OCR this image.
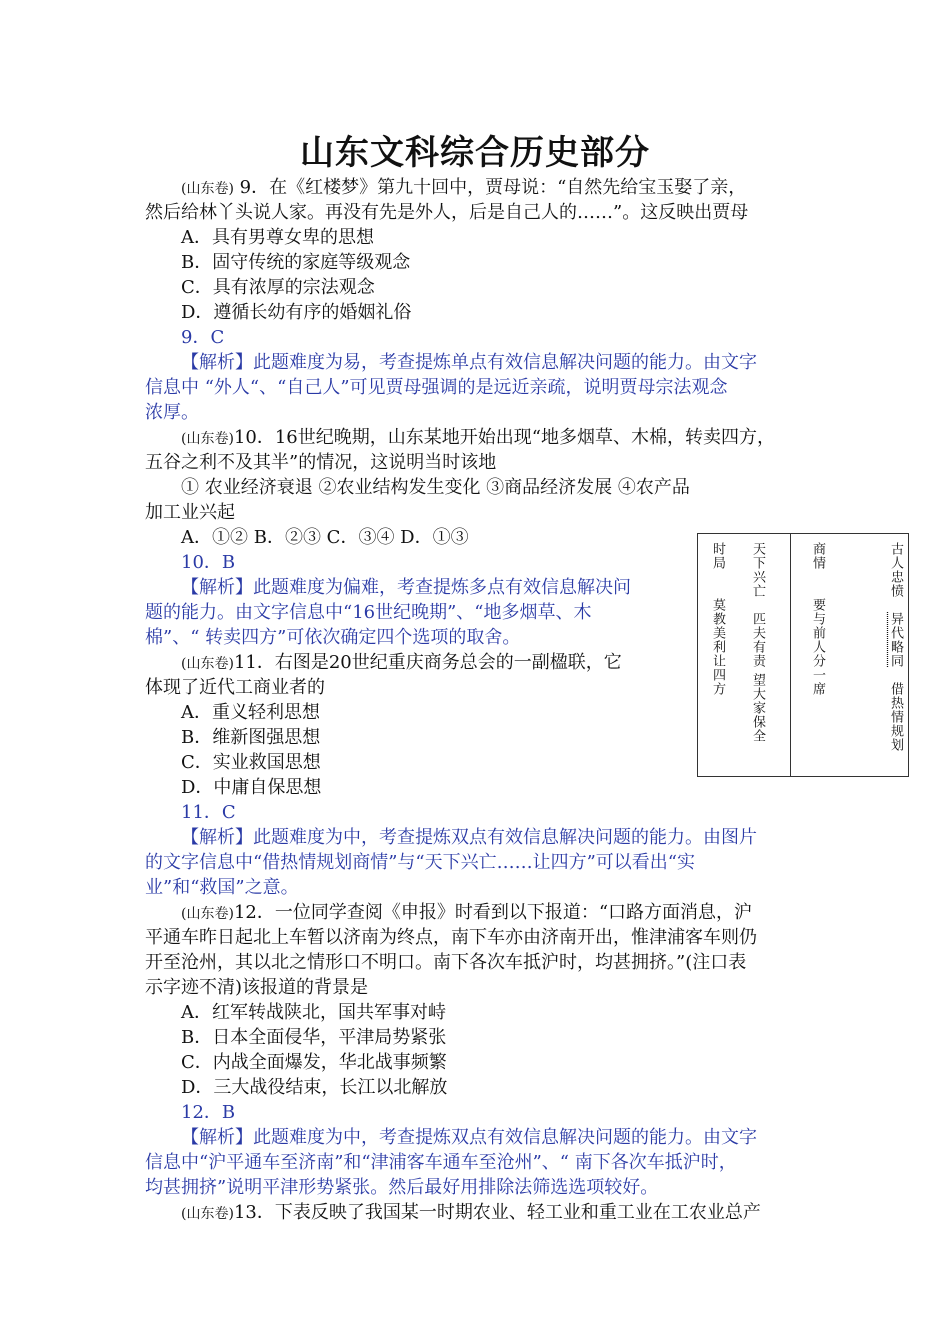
山东文科综合历史部分
(山东卷) 9．在《红楼梦》第九十回中，贾母说：“自然先给宝玉娶了亲，
然后给林丫头说人家。再没有先是外人，后是自己人的……”。这反映出贾母
A．具有男尊女卑的思想
B．固守传统的家庭等级观念
C．具有浓厚的宗法观念
D．遵循长幼有序的婚姻礼俗
9．C
【解析】此题难度为易，考查提炼单点有效信息解决问题的能力。由文字
信息中 “外人“、“自己人”可见贾母强调的是远近亲疏，说明贾母宗法观念
浓厚。
(山东卷)10．16世纪晚期，山东某地开始出现“地多烟草、木棉，转卖四方，
五谷之利不及其半”的情况，这说明当时该地
① 农业经济衰退 ②农业结构发生变化 ③商品经济发展 ④农产品
加工业兴起
A．①② B．②③ C．③④ D．①③
10．B
【解析】此题难度为偏难，考查提炼多点有效信息解决问
题的能力。由文字信息中“16世纪晚期”、“地多烟草、木
棉”、“ 转卖四方”可依次确定四个选项的取舍。
(山东卷)11．右图是20世纪重庆商务总会的一副楹联，它
体现了近代工商业者的
A．重义轻利思想
B．维新图强思想
C．实业救国思想
D．中庸自保思想
11．C
【解析】此题难度为中，考查提炼双点有效信息解决问题的能力。由图片
的文字信息中“借热情规划商情”与“天下兴亡……让四方”可以看出“实
业”和“救国”之意。
古人忠愤　异代略同　借热情规划
商情　　要与前人分一席
天下兴亡　匹夫有责 望大家保全
时局　　莫教美利让四方
(山东卷)12．一位同学查阅《申报》时看到以下报道：“口路方面消息，沪
平通车昨日起北上车暂以济南为终点，南下车亦由济南开出，惟津浦客车则仍
开至沧州，其以北之情形口不明口。南下各次车抵沪时，均甚拥挤。”(注口表
示字迹不清)该报道的背景是
A．红军转战陕北，国共军事对峙
B．日本全面侵华，平津局势紧张
C．内战全面爆发，华北战事频繁
D．三大战役结束，长江以北解放
12．B
【解析】此题难度为中，考查提炼双点有效信息解决问题的能力。由文字
信息中“沪平通车至济南”和“津浦客车通车至沧州”、“ 南下各次车抵沪时，
均甚拥挤”说明平津形势紧张。然后最好用排除法筛选选项较好。
(山东卷)13．下表反映了我国某一时期农业、轻工业和重工业在工农业总产
